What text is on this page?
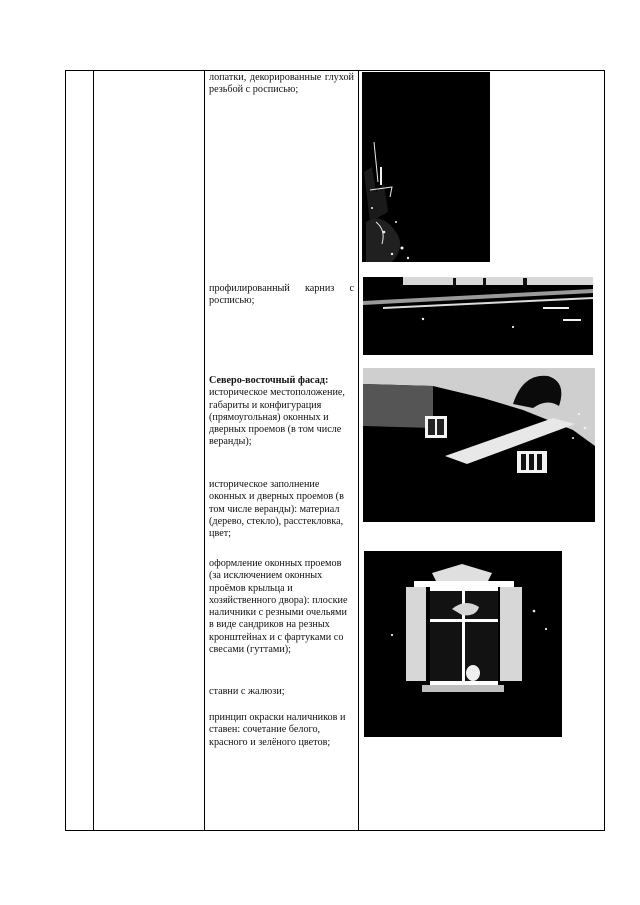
лопатки, декорированные глухой резьбой с росписью;
профилированный карниз с росписью;
Северо-восточный фасад:
историческое местоположение, габариты и конфигурация (прямоугольная) оконных и дверных проемов (в том числе веранды);
историческое заполнение оконных и дверных проемов (в том числе веранды): материал (дерево, стекло), расстекловка, цвет;
оформление оконных проемов (за исключением оконных проёмов крыльца и хозяйственного двора): плоские наличники с резными очельями в виде сандриков на резных кронштейнах и с фартуками со свесами (гуттами);
ставни с жалюзи;
принцип окраски наличников и ставен: сочетание белого, красного и зелёного цветов;
